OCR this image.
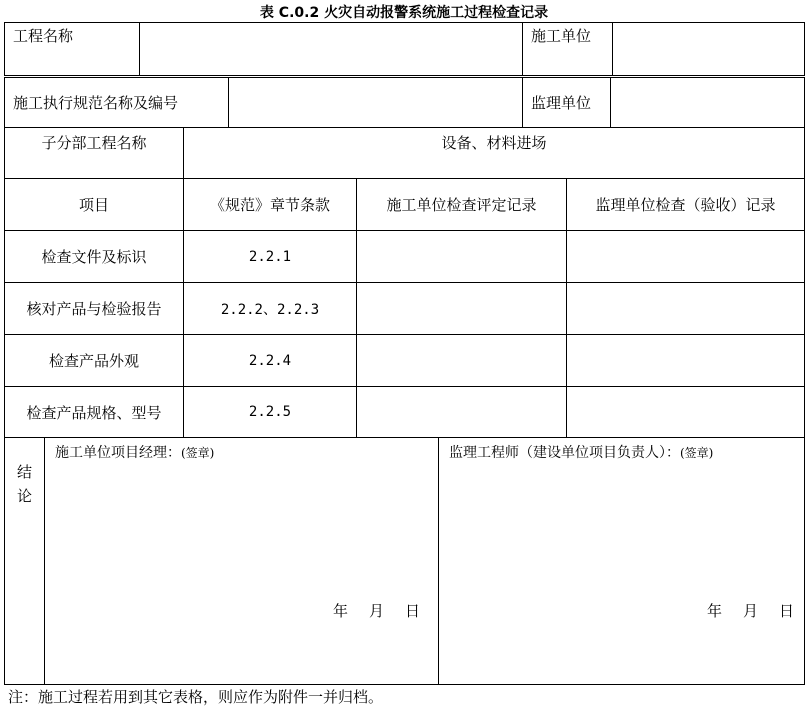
表 C.0.2 火灾自动报警系统施工过程检查记录
工程名称	施工单位
施工执行规范名称及编号	监理单位
子分部工程名称	设备、材料进场
项目	《规范》章节条款	施工单位检查评定记录	监理单位检查（验收）记录
检查文件及标识	2.2.1
核对产品与检验报告	2.2.2、2.2.3
检查产品外观	2.2.4
检查产品规格、型号	2.2.5
结
论
施工单位项目经理：(签章)
年 月 日
监理工程师（建设单位项目负责人）：(签章)
年 月 日
注：施工过程若用到其它表格，则应作为附件一并归档。
